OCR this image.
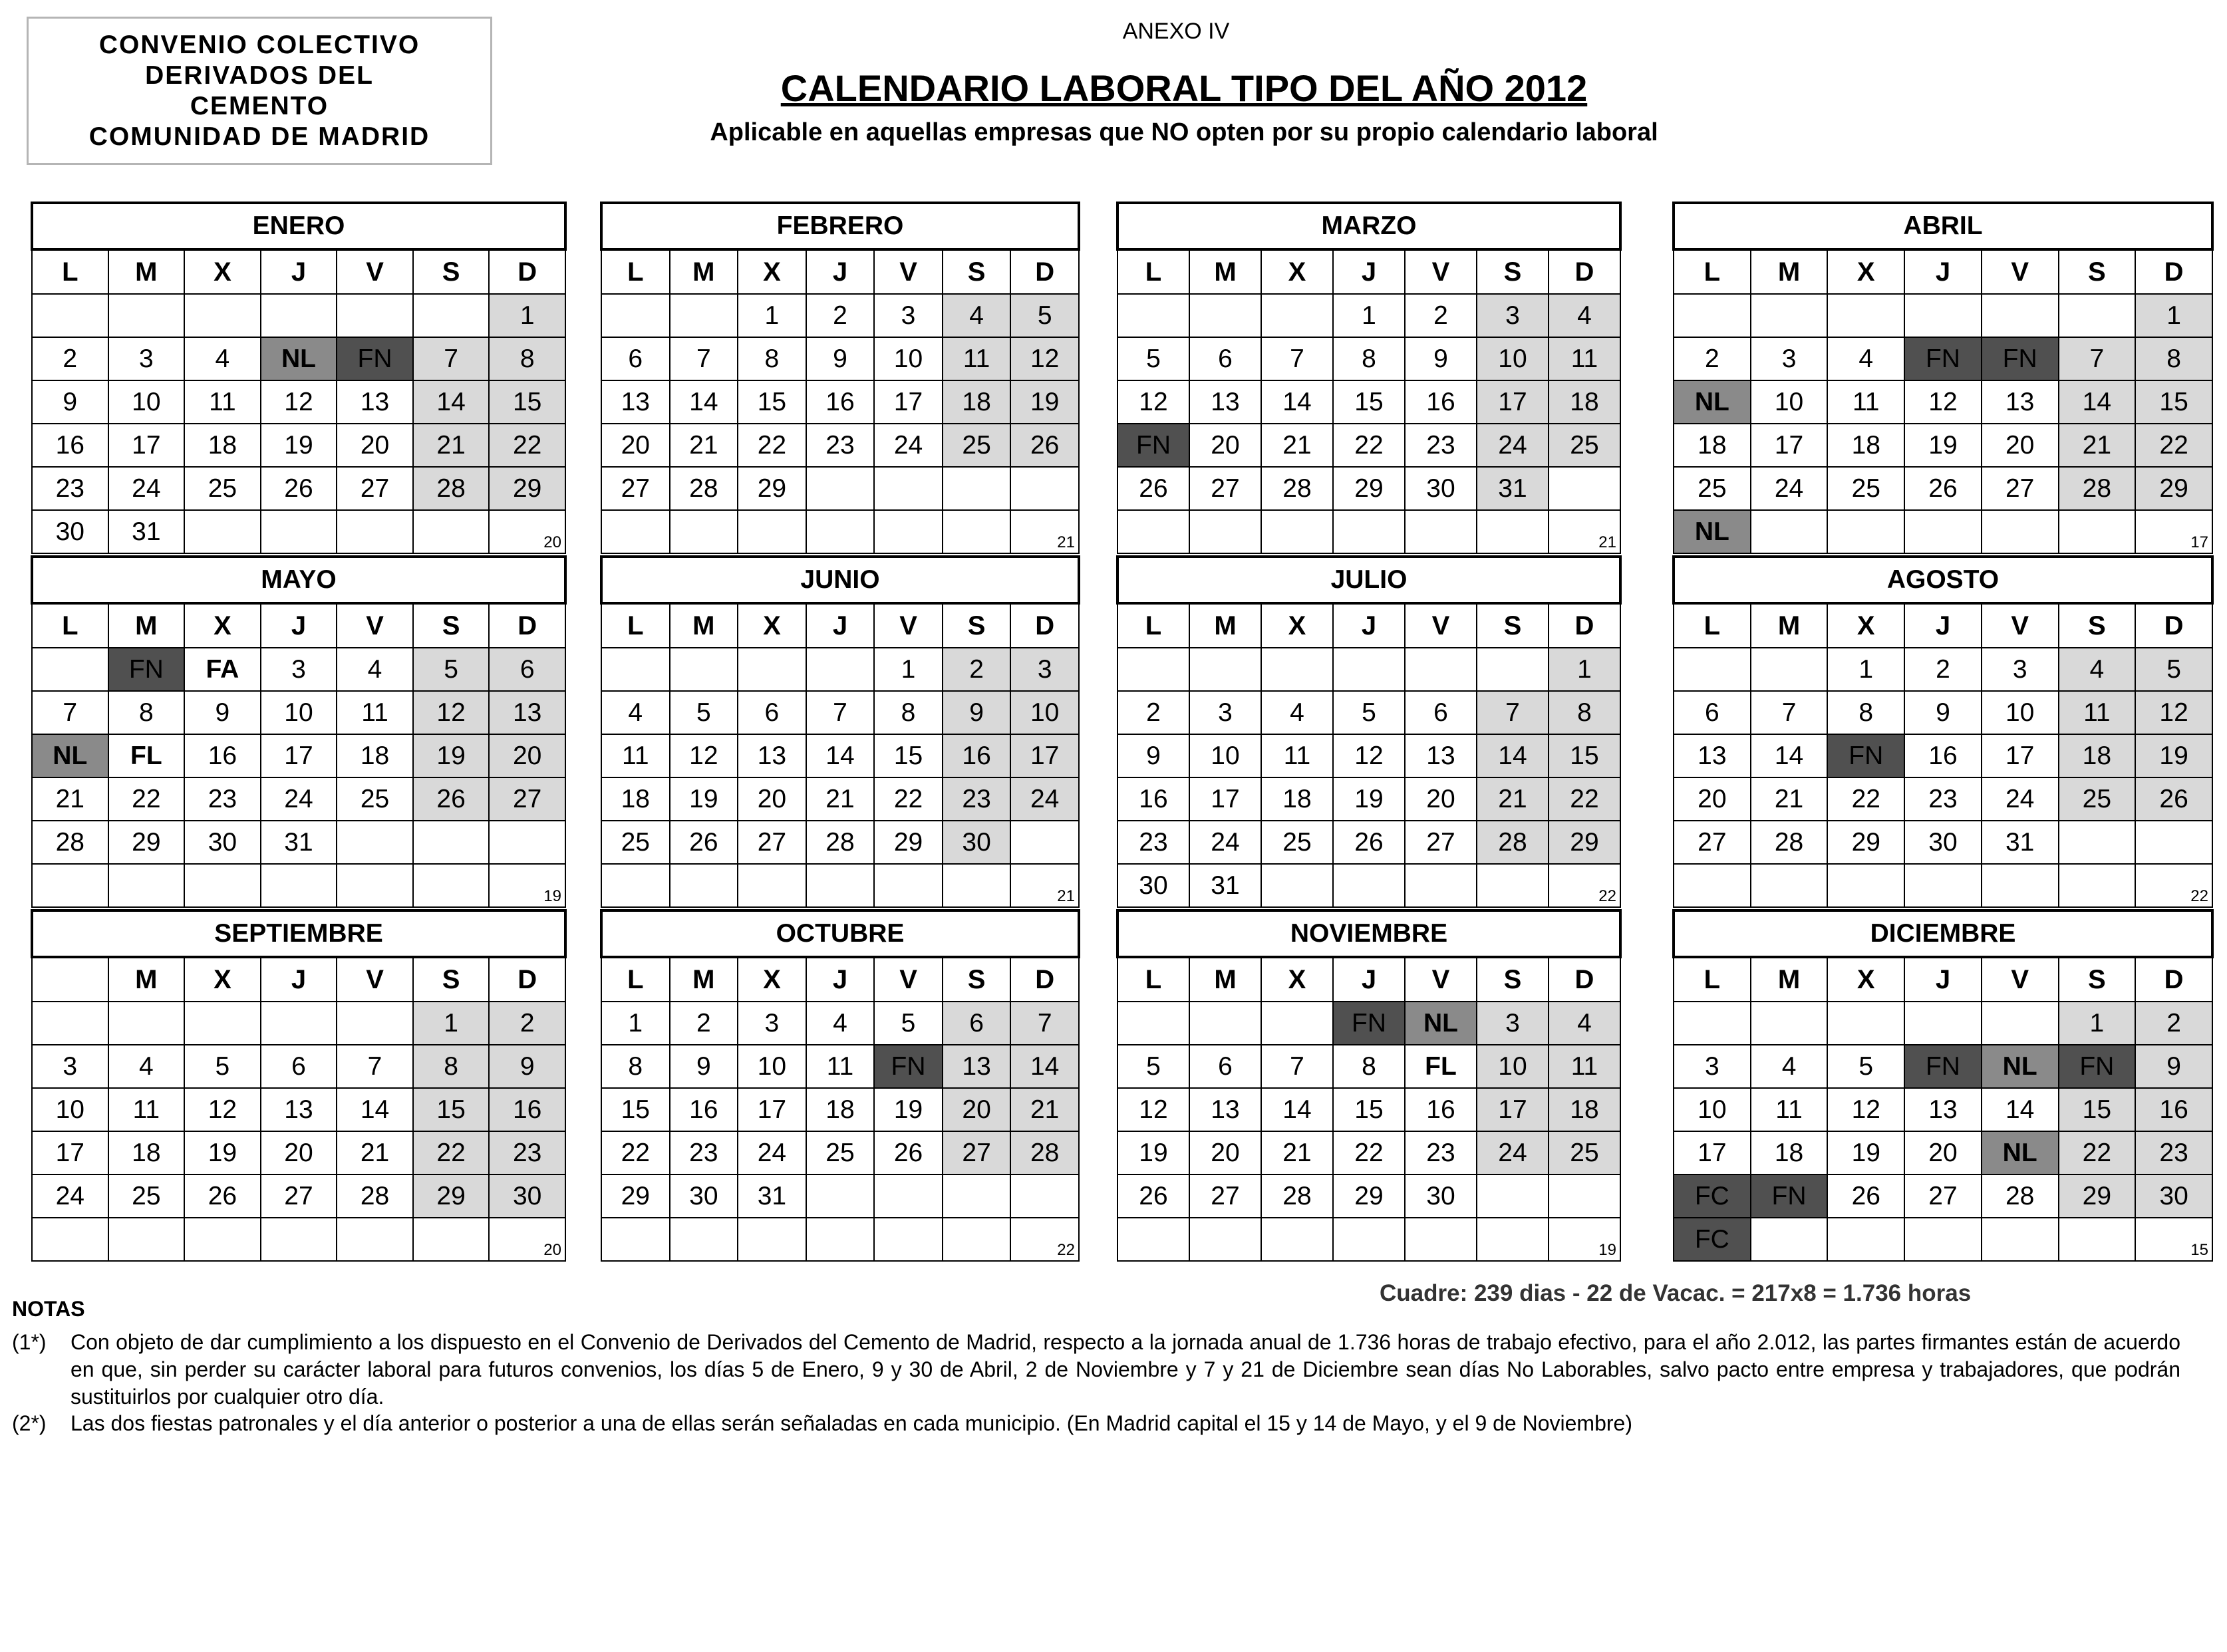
CONVENIO COLECTIVO
DERIVADOS DEL
CEMENTO
COMUNIDAD DE MADRID
ANEXO IV
CALENDARIO LABORAL TIPO DEL AÑO 2012
Aplicable en aquellas empresas que NO opten por su propio calendario laboral
ENERO						
L	M	X	J	V	S	D
						1
2	3	4	NL	FN	7	8
9	10	11	12	13	14	15
16	17	18	19	20	21	22
23	24	25	26	27	28	29
30	31					20
FEBRERO						
L	M	X	J	V	S	D
		1	2	3	4	5
6	7	8	9	10	11	12
13	14	15	16	17	18	19
20	21	22	23	24	25	26
27	28	29				

						21
MARZO						
L	M	X	J	V	S	D
			1	2	3	4
5	6	7	8	9	10	11
12	13	14	15	16	17	18
FN	20	21	22	23	24	25
26	27	28	29	30	31	

						21
ABRIL						
L	M	X	J	V	S	D
						1
2	3	4	FN	FN	7	8
NL	10	11	12	13	14	15
18	17	18	19	20	21	22
25	24	25	26	27	28	29
NL						17
MAYO						
L	M	X	J	V	S	D
	FN	FA	3	4	5	6
7	8	9	10	11	12	13
NL	FL	16	17	18	19	20
21	22	23	24	25	26	27
28	29	30	31			

						19
JUNIO						
L	M	X	J	V	S	D
				1	2	3
4	5	6	7	8	9	10
11	12	13	14	15	16	17
18	19	20	21	22	23	24
25	26	27	28	29	30	

						21
JULIO						
L	M	X	J	V	S	D
						1
2	3	4	5	6	7	8
9	10	11	12	13	14	15
16	17	18	19	20	21	22
23	24	25	26	27	28	29
30	31					22
AGOSTO						
L	M	X	J	V	S	D
		1	2	3	4	5
6	7	8	9	10	11	12
13	14	FN	16	17	18	19
20	21	22	23	24	25	26
27	28	29	30	31		

						22
SEPTIEMBRE						
	M	X	J	V	S	D
					1	2
3	4	5	6	7	8	9
10	11	12	13	14	15	16
17	18	19	20	21	22	23
24	25	26	27	28	29	30

						20
OCTUBRE						
L	M	X	J	V	S	D
1	2	3	4	5	6	7
8	9	10	11	FN	13	14
15	16	17	18	19	20	21
22	23	24	25	26	27	28
29	30	31				

						22
NOVIEMBRE						
L	M	X	J	V	S	D
			FN	NL	3	4
5	6	7	8	FL	10	11
12	13	14	15	16	17	18
19	20	21	22	23	24	25
26	27	28	29	30		

						19
DICIEMBRE						
L	M	X	J	V	S	D
					1	2
3	4	5	FN	NL	FN	9
10	11	12	13	14	15	16
17	18	19	20	NL	22	23
FC	FN	26	27	28	29	30
FC						15
Cuadre: 239 dias - 22 de Vacac. = 217x8 = 1.736 horas
NOTAS
(1*) Con objeto de dar cumplimiento a los dispuesto en el Convenio de Derivados del Cemento de Madrid, respecto a la jornada anual de 1.736 horas de trabajo efectivo, para el año 2.012, las partes firmantes están de acuerdo en que, sin perder su carácter laboral para futuros convenios, los días 5 de Enero, 9 y 30 de Abril, 2 de Noviembre y 7 y 21 de Diciembre sean días No Laborables, salvo pacto entre empresa y trabajadores, que podrán sustituirlos por cualquier otro día.
(2*) Las dos fiestas patronales y el día anterior o posterior a una de ellas serán señaladas en cada municipio. (En Madrid capital el 15 y 14 de Mayo, y el 9 de Noviembre)
